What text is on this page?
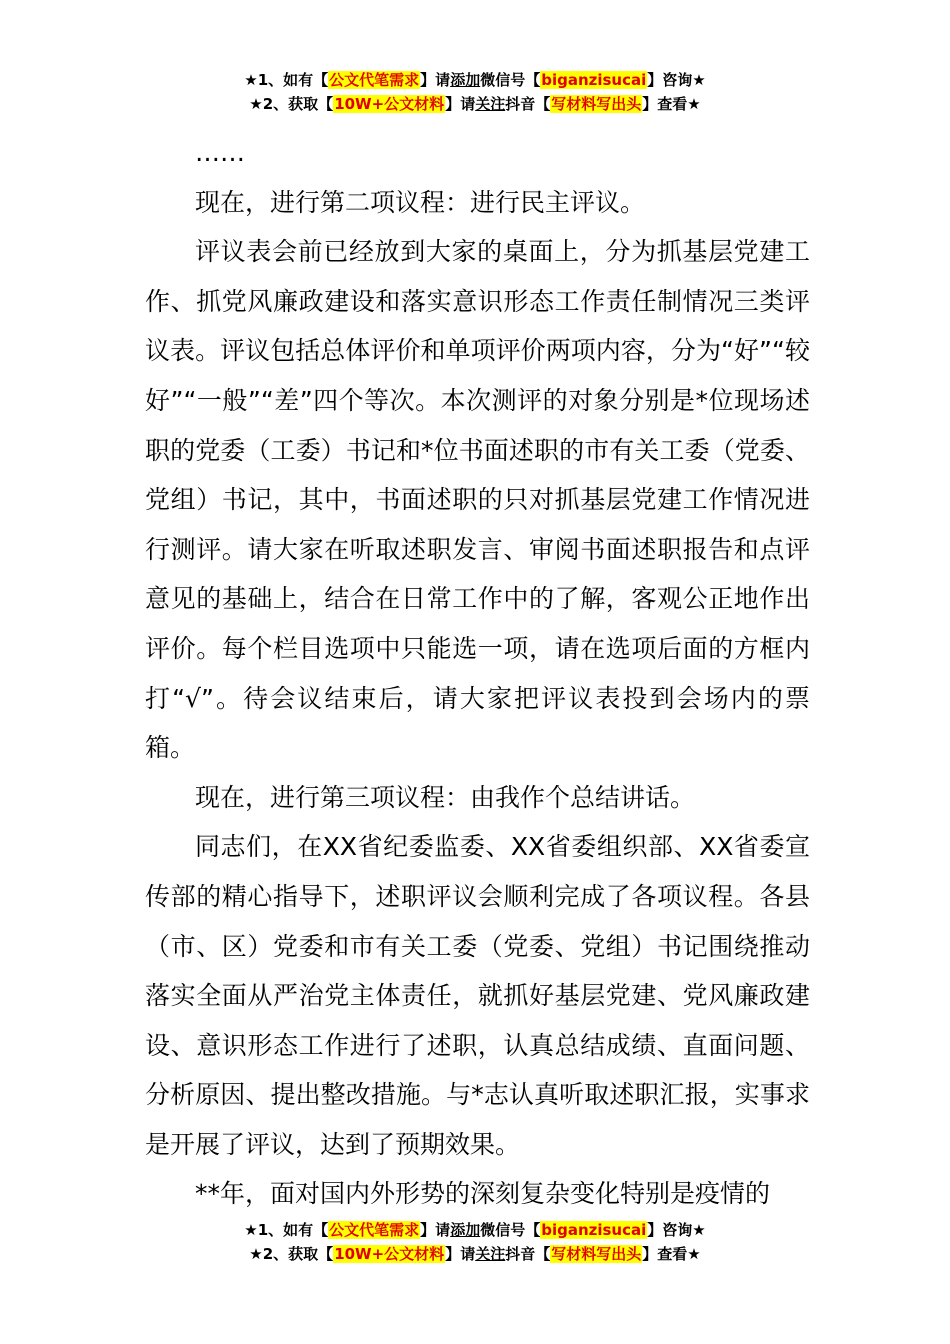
★1、如有【公文代笔需求】请添加微信号【biganzisucai】咨询★
★2、获取【10W+公文材料】请关注抖音【写材料写出头】查看★

……

现在，进行第二项议程：进行民主评议。

评议表会前已经放到大家的桌面上，分为抓基层党建工作、抓党风廉政建设和落实意识形态工作责任制情况三类评议表。评议包括总体评价和单项评价两项内容，分为“好”“较好”“一般”“差”四个等次。本次测评的对象分别是*位现场述职的党委（工委）书记和*位书面述职的市有关工委（党委、党组）书记，其中，书面述职的只对抓基层党建工作情况进行测评。请大家在听取述职发言、审阅书面述职报告和点评意见的基础上，结合在日常工作中的了解，客观公正地作出评价。每个栏目选项中只能选一项，请在选项后面的方框内打“√”。待会议结束后，请大家把评议表投到会场内的票箱。

现在，进行第三项议程：由我作个总结讲话。

同志们，在XX省纪委监委、XX省委组织部、XX省委宣传部的精心指导下，述职评议会顺利完成了各项议程。各县（市、区）党委和市有关工委（党委、党组）书记围绕推动落实全面从严治党主体责任，就抓好基层党建、党风廉政建设、意识形态工作进行了述职，认真总结成绩、直面问题、分析原因、提出整改措施。与*志认真听取述职汇报，实事求是开展了评议，达到了预期效果。

**年，面对国内外形势的深刻复杂变化特别是疫情的

★1、如有【公文代笔需求】请添加微信号【biganzisucai】咨询★
★2、获取【10W+公文材料】请关注抖音【写材料写出头】查看★
